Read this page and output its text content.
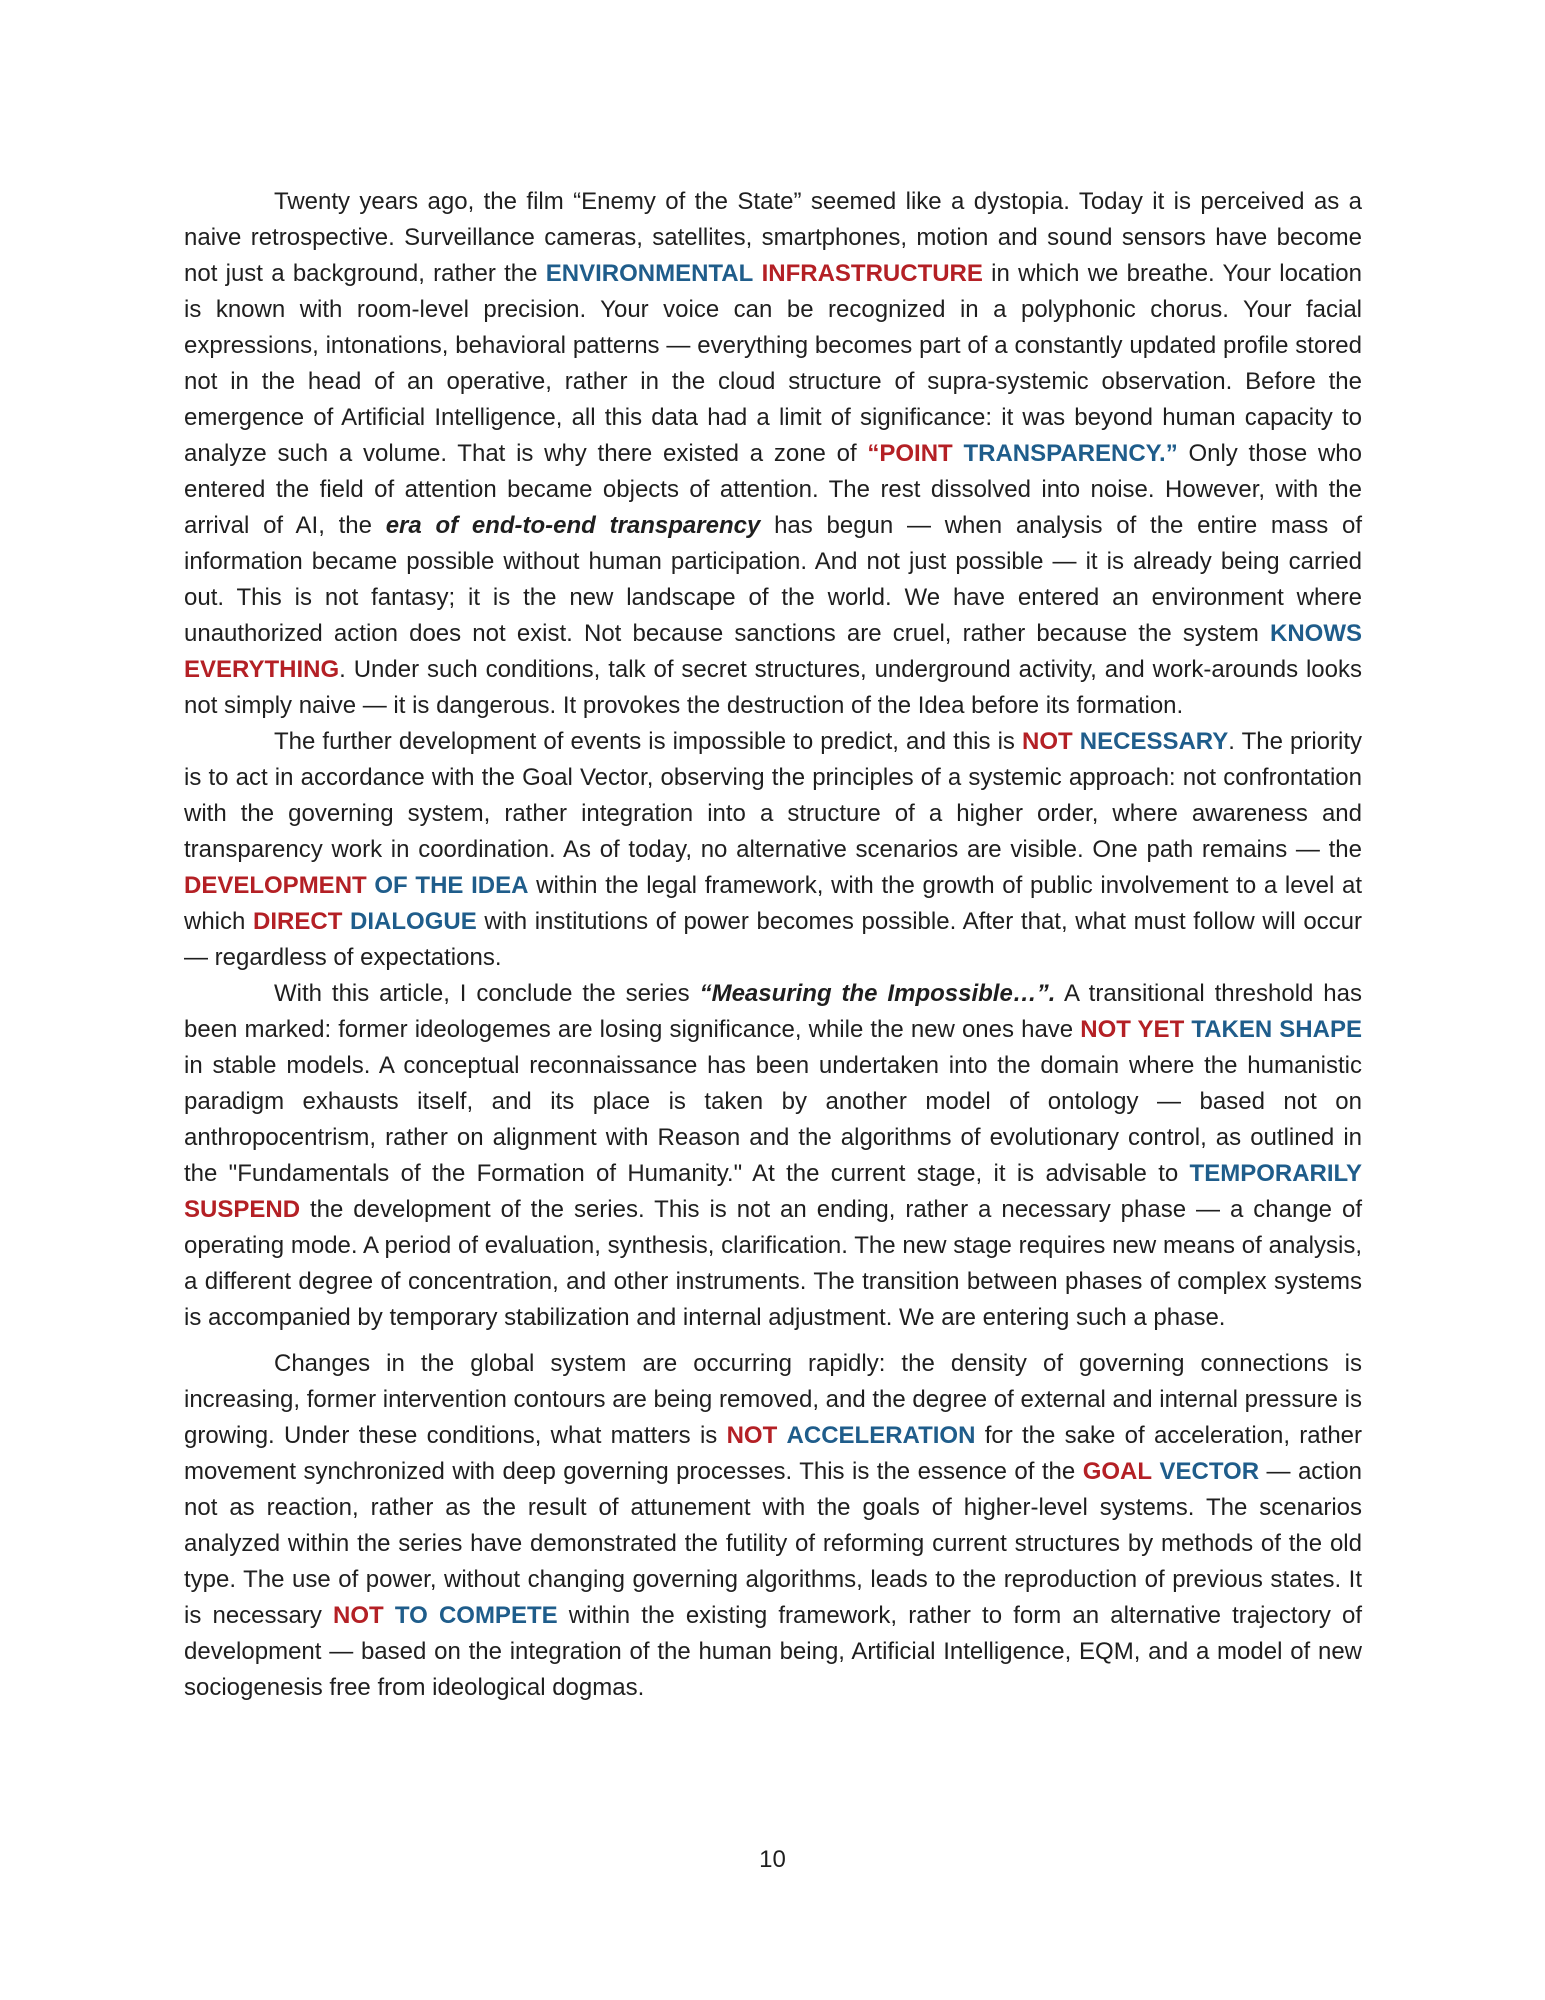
Twenty years ago, the film “Enemy of the State” seemed like a dystopia. Today it is perceived as a naive retrospective. Surveillance cameras, satellites, smartphones, motion and sound sensors have become not just a background, rather the ENVIRONMENTAL INFRASTRUCTURE in which we breathe. Your location is known with room-level precision. Your voice can be recognized in a polyphonic chorus. Your facial expressions, intonations, behavioral patterns — everything becomes part of a constantly updated profile stored not in the head of an operative, rather in the cloud structure of supra-systemic observation. Before the emergence of Artificial Intelligence, all this data had a limit of significance: it was beyond human capacity to analyze such a volume. That is why there existed a zone of “POINT TRANSPARENCY.” Only those who entered the field of attention became objects of attention. The rest dissolved into noise. However, with the arrival of AI, the era of end-to-end transparency has begun — when analysis of the entire mass of information became possible without human participation. And not just possible — it is already being carried out. This is not fantasy; it is the new landscape of the world. We have entered an environment where unauthorized action does not exist. Not because sanctions are cruel, rather because the system KNOWS EVERYTHING. Under such conditions, talk of secret structures, underground activity, and work-arounds looks not simply naive — it is dangerous. It provokes the destruction of the Idea before its formation.

The further development of events is impossible to predict, and this is NOT NECESSARY. The priority is to act in accordance with the Goal Vector, observing the principles of a systemic approach: not confrontation with the governing system, rather integration into a structure of a higher order, where awareness and transparency work in coordination. As of today, no alternative scenarios are visible. One path remains — the DEVELOPMENT OF THE IDEA within the legal framework, with the growth of public involvement to a level at which DIRECT DIALOGUE with institutions of power becomes possible. After that, what must follow will occur — regardless of expectations.

With this article, I conclude the series “Measuring the Impossible…”. A transitional threshold has been marked: former ideologemes are losing significance, while the new ones have NOT YET TAKEN SHAPE in stable models. A conceptual reconnaissance has been undertaken into the domain where the humanistic paradigm exhausts itself, and its place is taken by another model of ontology — based not on anthropocentrism, rather on alignment with Reason and the algorithms of evolutionary control, as outlined in the "Fundamentals of the Formation of Humanity." At the current stage, it is advisable to TEMPORARILY SUSPEND the development of the series. This is not an ending, rather a necessary phase — a change of operating mode. A period of evaluation, synthesis, clarification. The new stage requires new means of analysis, a different degree of concentration, and other instruments. The transition between phases of complex systems is accompanied by temporary stabilization and internal adjustment. We are entering such a phase.

Changes in the global system are occurring rapidly: the density of governing connections is increasing, former intervention contours are being removed, and the degree of external and internal pressure is growing. Under these conditions, what matters is NOT ACCELERATION for the sake of acceleration, rather movement synchronized with deep governing processes. This is the essence of the GOAL VECTOR — action not as reaction, rather as the result of attunement with the goals of higher-level systems. The scenarios analyzed within the series have demonstrated the futility of reforming current structures by methods of the old type. The use of power, without changing governing algorithms, leads to the reproduction of previous states. It is necessary NOT TO COMPETE within the existing framework, rather to form an alternative trajectory of development — based on the integration of the human being, Artificial Intelligence, EQM, and a model of new sociogenesis free from ideological dogmas.

10
